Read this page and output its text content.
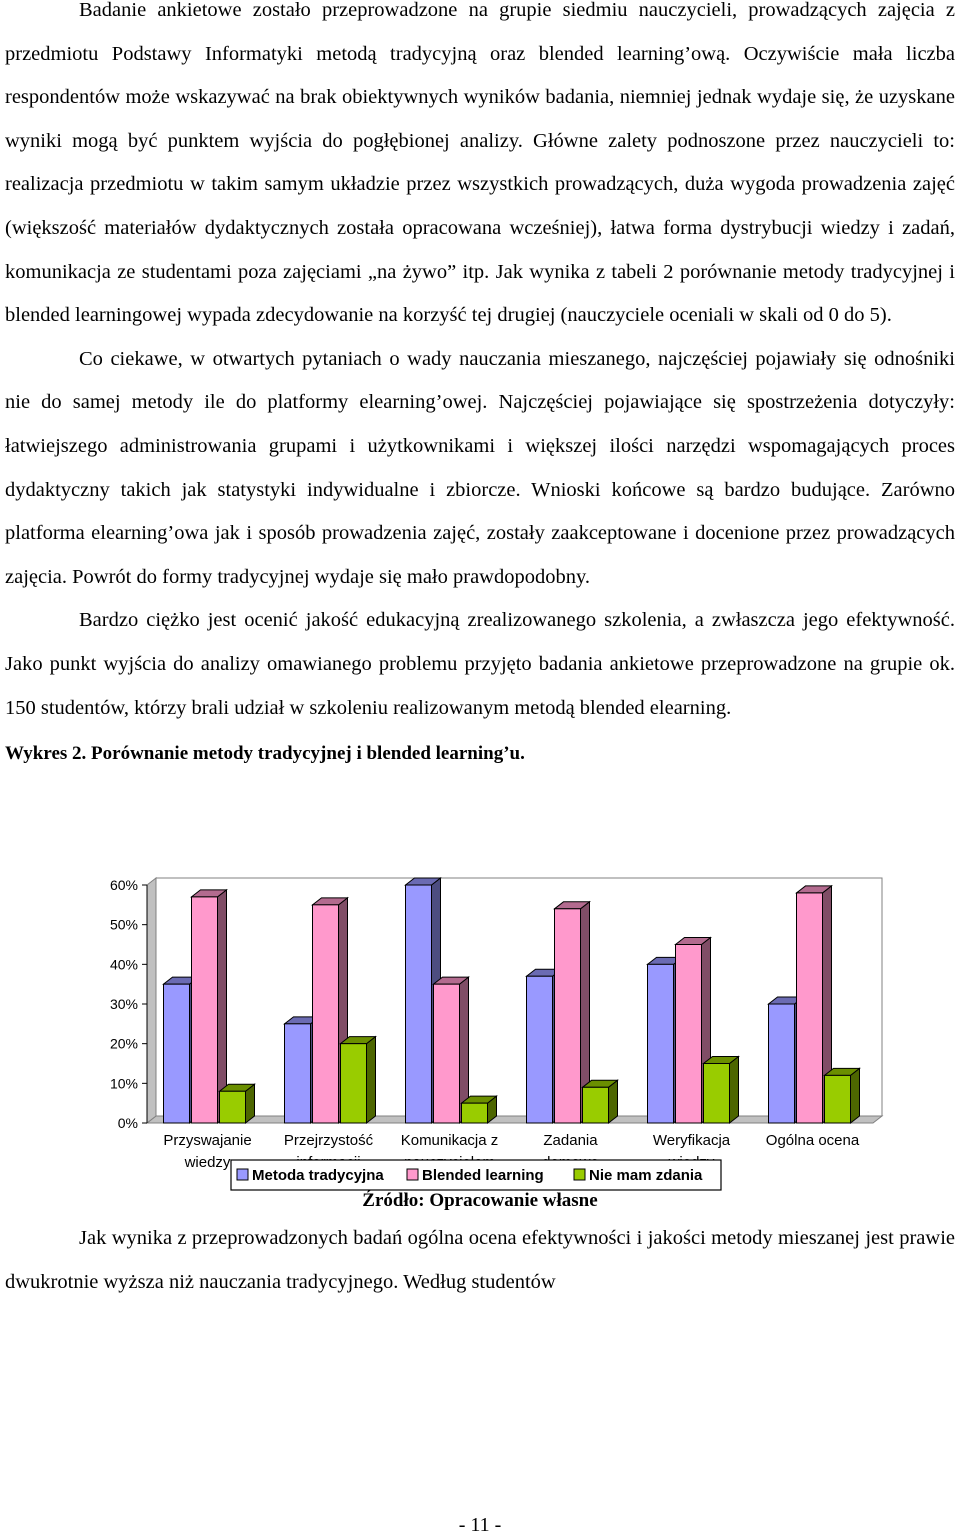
Badanie ankietowe zostało przeprowadzone na grupie siedmiu nauczycieli, prowadzących zajęcia z przedmiotu Podstawy Informatyki metodą tradycyjną oraz blended learning’ową. Oczywiście mała liczba respondentów może wskazywać na brak obiektywnych wyników badania, niemniej jednak wydaje się, że uzyskane wyniki mogą być punktem wyjścia do pogłębionej analizy. Główne zalety podnoszone przez nauczycieli to: realizacja przedmiotu w takim samym układzie przez wszystkich prowadzących, duża wygoda prowadzenia zajęć (większość materiałów dydaktycznych została opracowana wcześniej), łatwa forma dystrybucji wiedzy i zadań, komunikacja ze studentami poza zajęciami „na żywo” itp. Jak wynika z tabeli 2 porównanie metody tradycyjnej i blended learningowej wypada zdecydowanie na korzyść tej drugiej (nauczyciele oceniali w skali od 0 do 5).

Co ciekawe, w otwartych pytaniach o wady nauczania mieszanego, najczęściej pojawiały się odnośniki nie do samej metody ile do platformy elearning’owej. Najczęściej pojawiające się spostrzeżenia dotyczyły: łatwiejszego administrowania grupami i użytkownikami i większej ilości narzędzi wspomagających proces dydaktyczny takich jak statystyki indywidualne i zbiorcze. Wnioski końcowe są bardzo budujące. Zarówno platforma elearning’owa jak i sposób prowadzenia zajęć, zostały zaakceptowane i docenione przez prowadzących zajęcia. Powrót do formy tradycyjnej wydaje się mało prawdopodobny.

Bardzo ciężko jest ocenić jakość edukacyjną zrealizowanego szkolenia, a zwłaszcza jego efektywność. Jako punkt wyjścia do analizy omawianego problemu przyjęto badania ankietowe przeprowadzone na grupie ok. 150 studentów, którzy brali udział w szkoleniu realizowanym metodą blended elearning.

Wykres 2. Porównanie metody tradycyjnej i blended learning’u.
0%
10%
20%
30%
40%
50%
60%
Przyswajanie
wiedzy
Przejrzystość Komunikacja z	Zadania	Weryfikacja Ogólna ocena
Metoda tradycyjna	Blended learning	Nie mam zdania
Źródło: Opracowanie własne

Jak wynika z przeprowadzonych badań ogólna ocena efektywności i jakości metody mieszanej jest prawie dwukrotnie wyższa niż nauczania tradycyjnego. Według studentów

- 11 -
